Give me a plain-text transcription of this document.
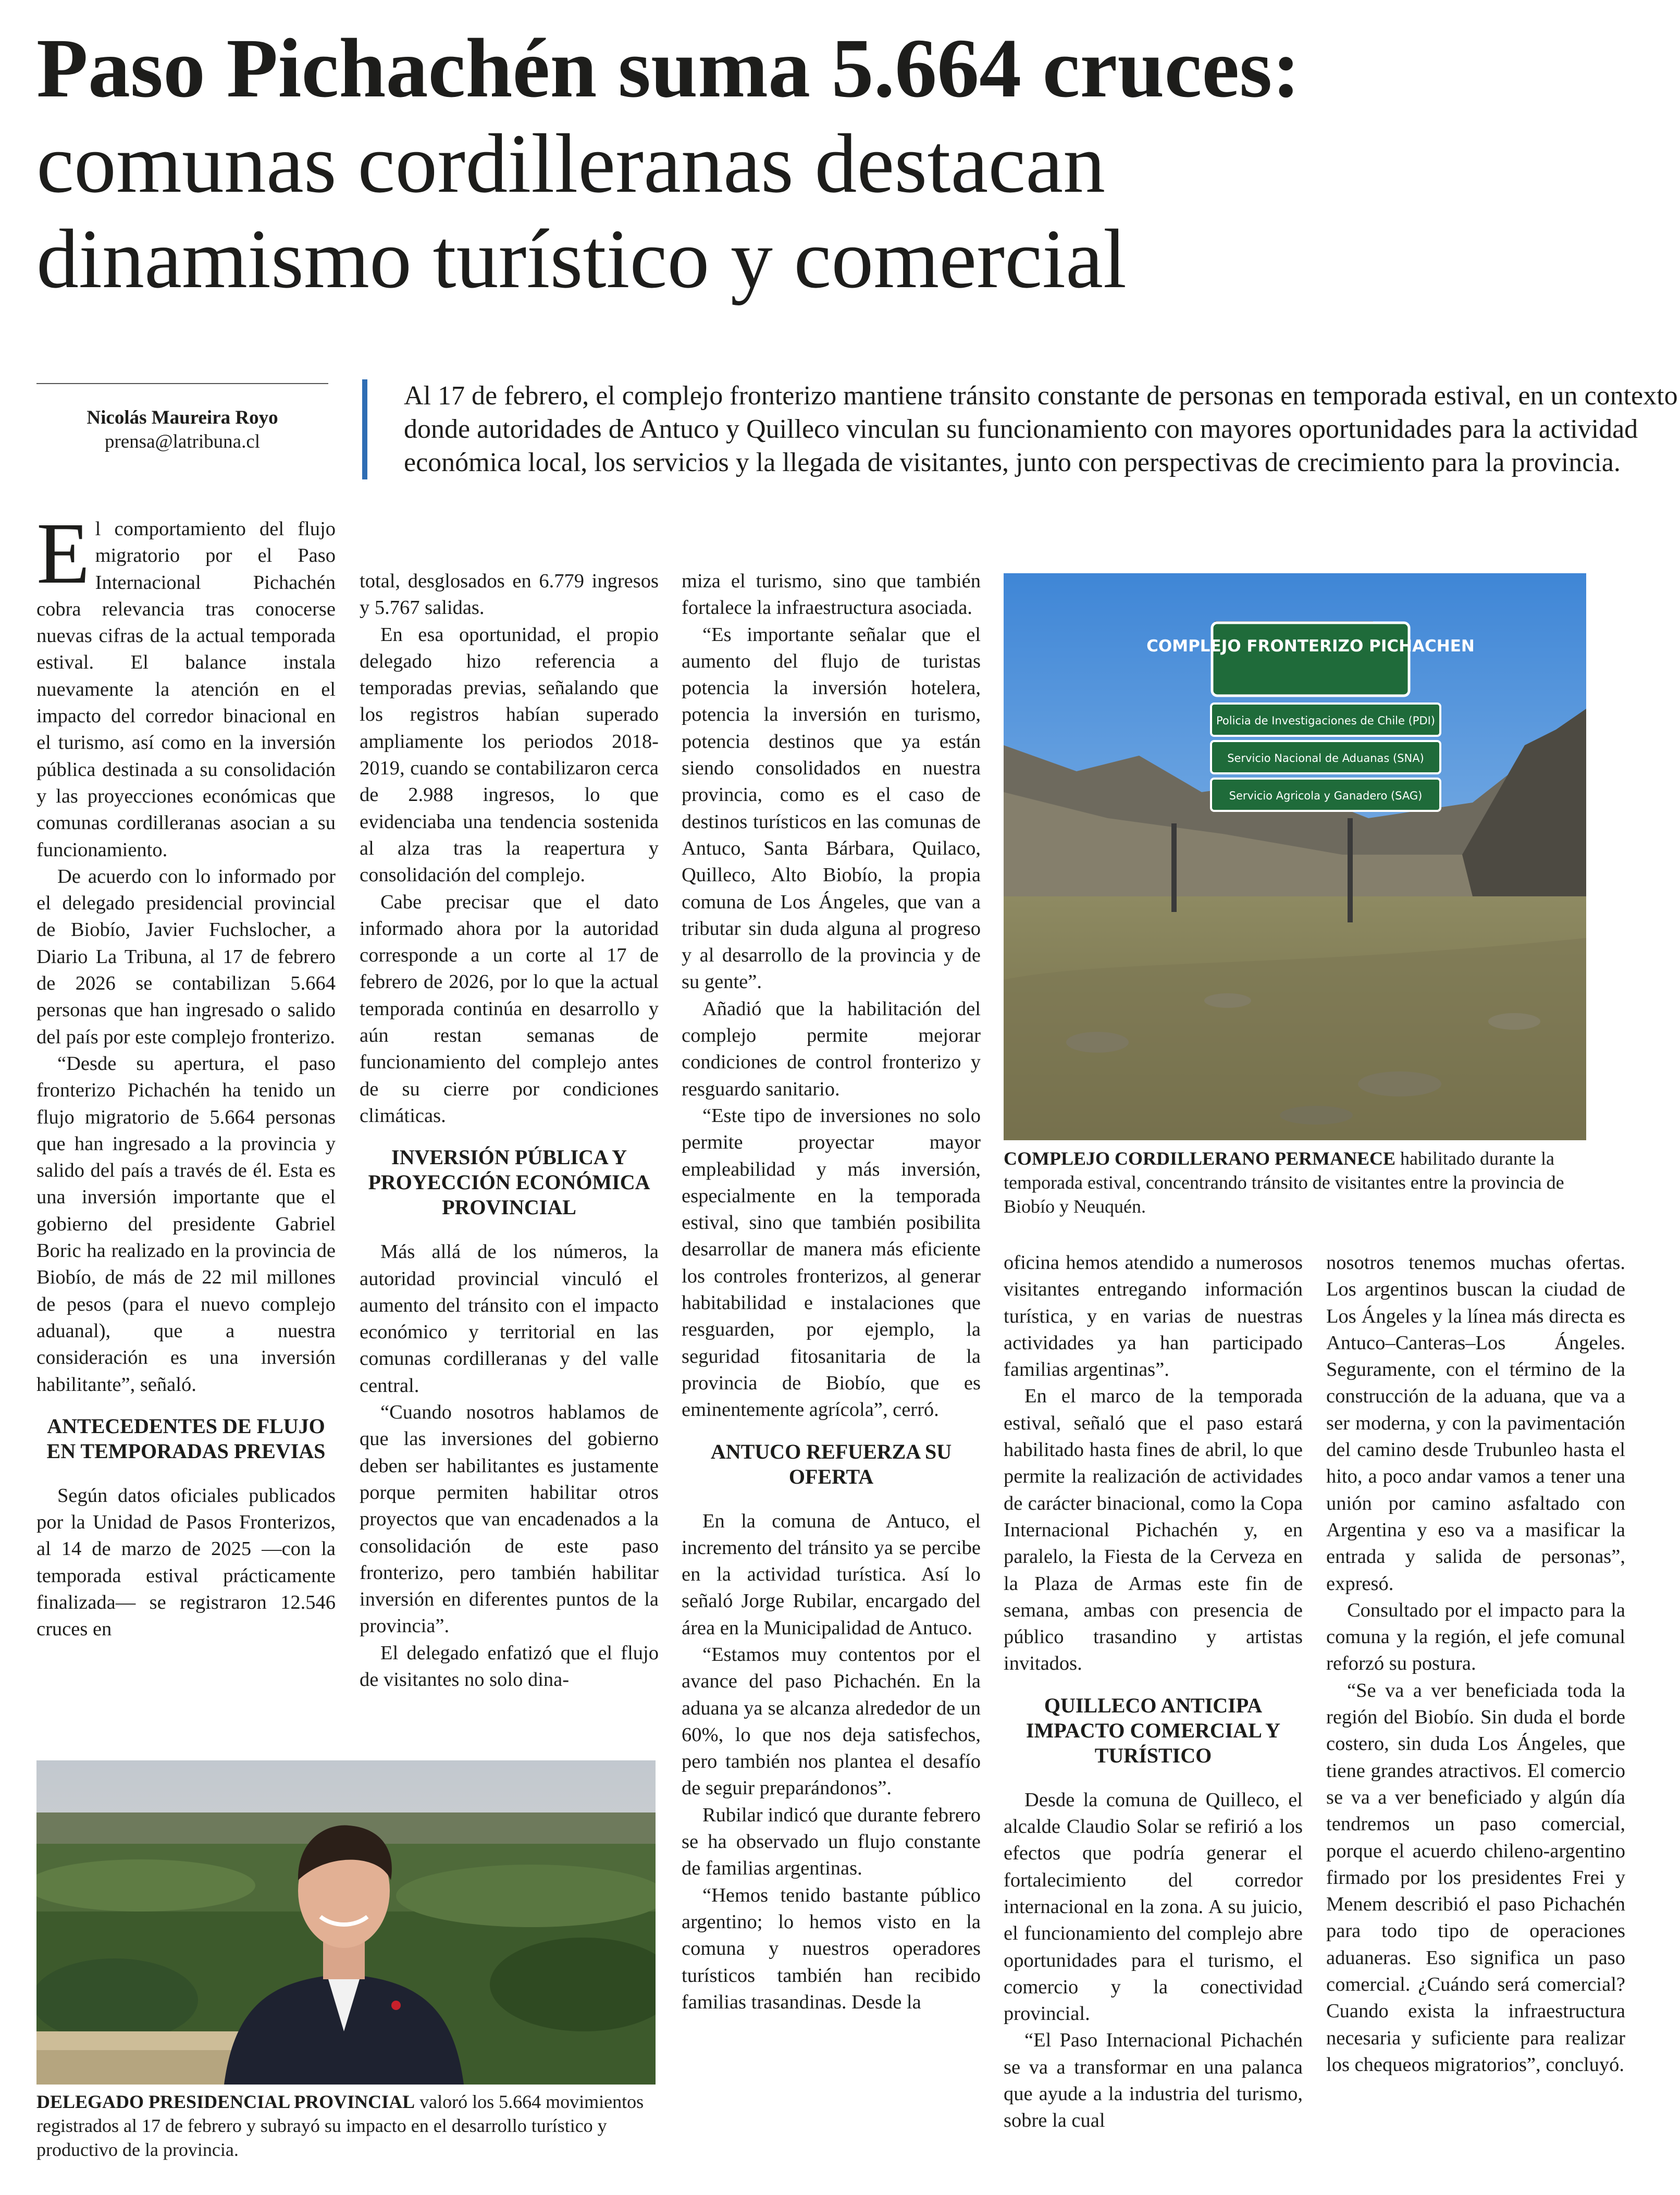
Paso Pichachén suma 5.664 cruces:
comunas cordilleranas destacan
dinamismo turístico y comercial
Nicolás Maureira Royo
prensa@latribuna.cl
Al 17 de febrero, el complejo fronterizo mantiene tránsito constante de personas en temporada estival, en un contexto donde autoridades de Antuco y Quilleco vinculan su funcionamiento con mayores oportunidades para la actividad económica local, los servicios y la llegada de visitantes, junto con perspectivas de crecimiento para la provincia.

El comportamiento del flujo migratorio por el Paso Internacional Pichachén cobra relevancia tras conocerse nuevas cifras de la actual temporada estival. El balance instala nuevamente la atención en el impacto del corredor binacional en el turismo, así como en la inversión pública destinada a su consolidación y las proyecciones económicas que comunas cordilleranas asocian a su funcionamiento.

De acuerdo con lo informado por el delegado presidencial provincial de Biobío, Javier Fuchslocher, a Diario La Tribuna, al 17 de febrero de 2026 se contabilizan 5.664 personas que han ingresado o salido del país por este complejo fronterizo.

“Desde su apertura, el paso fronterizo Pichachén ha tenido un flujo migratorio de 5.664 personas que han ingresado a la provincia y salido del país a través de él. Esta es una inversión importante que el gobierno del presidente Gabriel Boric ha realizado en la provincia de Biobío, de más de 22 mil millones de pesos (para el nuevo complejo aduanal), que a nuestra consideración es una inversión habilitante”, señaló.

ANTECEDENTES DE FLUJO EN TEMPORADAS PREVIAS

Según datos oficiales publicados por la Unidad de Pasos Fronterizos, al 14 de marzo de 2025 —con la temporada estival prácticamente finalizada— se registraron 12.546 cruces en

total, desglosados en 6.779 ingresos y 5.767 salidas.

En esa oportunidad, el propio delegado hizo referencia a temporadas previas, señalando que los registros habían superado ampliamente los periodos 2018-2019, cuando se contabilizaron cerca de 2.988 ingresos, lo que evidenciaba una tendencia sostenida al alza tras la reapertura y consolidación del complejo.

Cabe precisar que el dato informado ahora por la autoridad corresponde a un corte al 17 de febrero de 2026, por lo que la actual temporada continúa en desarrollo y aún restan semanas de funcionamiento del complejo antes de su cierre por condiciones climáticas.

INVERSIÓN PÚBLICA Y PROYECCIÓN ECONÓMICA PROVINCIAL

Más allá de los números, la autoridad provincial vinculó el aumento del tránsito con el impacto económico y territorial en las comunas cordilleranas y del valle central.

“Cuando nosotros hablamos de que las inversiones del gobierno deben ser habilitantes es justamente porque permiten habilitar otros proyectos que van encadenados a la consolidación de este paso fronterizo, pero también habilitar inversión en diferentes puntos de la provincia”.

El delegado enfatizó que el flujo de visitantes no solo dina-

miza el turismo, sino que también fortalece la infraestructura asociada.

“Es importante señalar que el aumento del flujo de turistas potencia la inversión hotelera, potencia la inversión en turismo, potencia destinos que ya están siendo consolidados en nuestra provincia, como es el caso de destinos turísticos en las comunas de Antuco, Santa Bárbara, Quilaco, Quilleco, Alto Biobío, la propia comuna de Los Ángeles, que van a tributar sin duda alguna al progreso y al desarrollo de la provincia y de su gente”.

Añadió que la habilitación del complejo permite mejorar condiciones de control fronterizo y resguardo sanitario.

“Este tipo de inversiones no solo permite proyectar mayor empleabilidad y más inversión, especialmente en la temporada estival, sino que también posibilita desarrollar de manera más eficiente los controles fronterizos, al generar habitabilidad e instalaciones que resguarden, por ejemplo, la seguridad fitosanitaria de la provincia de Biobío, que es eminentemente agrícola”, cerró.

ANTUCO REFUERZA SU OFERTA

En la comuna de Antuco, el incremento del tránsito ya se percibe en la actividad turística. Así lo señaló Jorge Rubilar, encargado del área en la Municipalidad de Antuco.

“Estamos muy contentos por el avance del paso Pichachén. En la aduana ya se alcanza alrededor de un 60%, lo que nos deja satisfechos, pero también nos plantea el desafío de seguir preparándonos”.

Rubilar indicó que durante febrero se ha observado un flujo constante de familias argentinas.

“Hemos tenido bastante público argentino; lo hemos visto en la comuna y nuestros operadores turísticos también han recibido familias trasandinas. Desde la

COMPLEJO FRONTERIZO PICHACHEN
Policia de Investigaciones de Chile (PDI)
Servicio Nacional de Aduanas (SNA)
Servicio Agricola y Ganadero (SAG)
COMPLEJO CORDILLERANO PERMANECE habilitado durante la temporada estival, concentrando tránsito de visitantes entre la provincia de Biobío y Neuquén.

oficina hemos atendido a numerosos visitantes entregando información turística, y en varias de nuestras actividades ya han participado familias argentinas”.

En el marco de la temporada estival, señaló que el paso estará habilitado hasta fines de abril, lo que permite la realización de actividades de carácter binacional, como la Copa Internacional Pichachén y, en paralelo, la Fiesta de la Cerveza en la Plaza de Armas este fin de semana, ambas con presencia de público trasandino y artistas invitados.

QUILLECO ANTICIPA IMPACTO COMERCIAL Y TURÍSTICO

Desde la comuna de Quilleco, el alcalde Claudio Solar se refirió a los efectos que podría generar el fortalecimiento del corredor internacional en la zona. A su juicio, el funcionamiento del complejo abre oportunidades para el turismo, el comercio y la conectividad provincial.

“El Paso Internacional Pichachén se va a transformar en una palanca que ayude a la industria del turismo, sobre la cual

nosotros tenemos muchas ofertas. Los argentinos buscan la ciudad de Los Ángeles y la línea más directa es Antuco–Canteras–Los Ángeles. Seguramente, con el término de la construcción de la aduana, que va a ser moderna, y con la pavimentación del camino desde Trubunleo hasta el hito, a poco andar vamos a tener una unión por camino asfaltado con Argentina y eso va a masificar la entrada y salida de personas”, expresó.

Consultado por el impacto para la comuna y la región, el jefe comunal reforzó su postura.

“Se va a ver beneficiada toda la región del Biobío. Sin duda el borde costero, sin duda Los Ángeles, que tiene grandes atractivos. El comercio se va a ver beneficiado y algún día tendremos un paso comercial, porque el acuerdo chileno-argentino firmado por los presidentes Frei y Menem describió el paso Pichachén para todo tipo de operaciones aduaneras. Eso significa un paso comercial. ¿Cuándo será comercial? Cuando exista la infraestructura necesaria y suficiente para realizar los chequeos migratorios”, concluyó.

DELEGADO PRESIDENCIAL PROVINCIAL valoró los 5.664 movimientos registrados al 17 de febrero y subrayó su impacto en el desarrollo turístico y productivo de la provincia.
